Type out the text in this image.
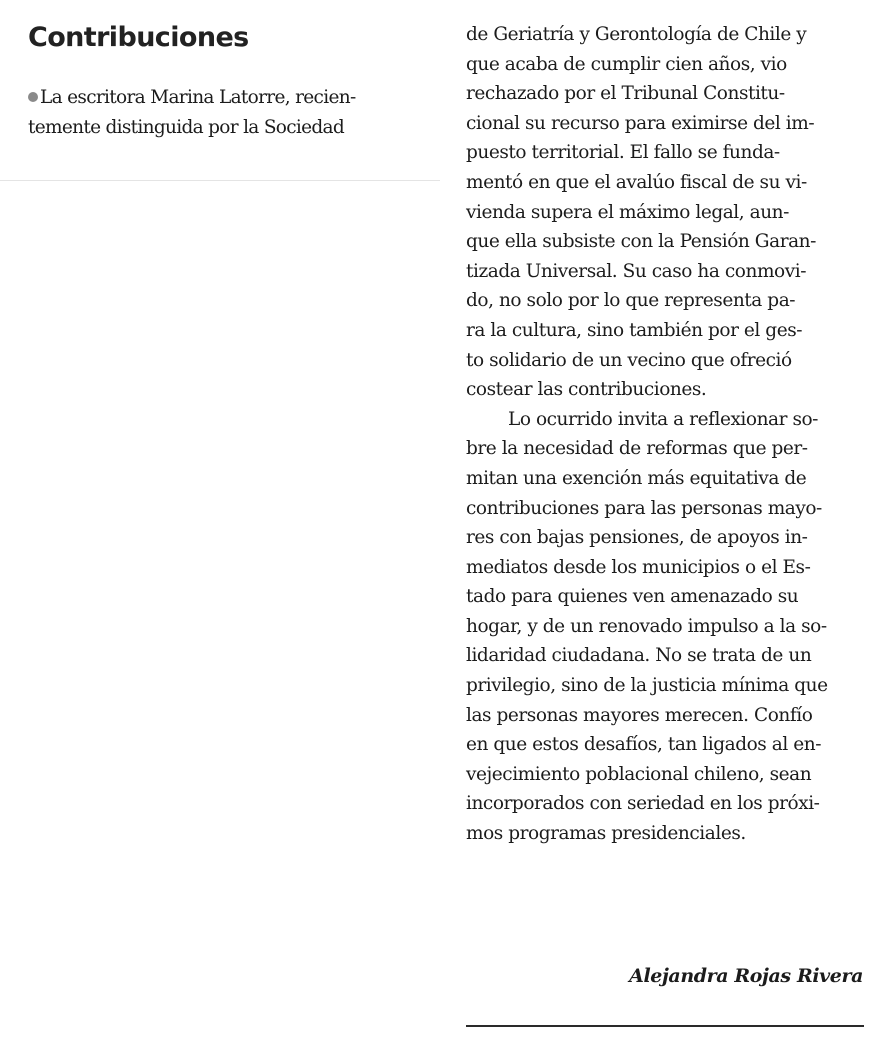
Contribuciones

La escritora Marina Latorre, recien-
temente distinguida por la Sociedad

de Geriatría y Gerontología de Chile y
que acaba de cumplir cien años, vio
rechazado por el Tribunal Constitu-
cional su recurso para eximirse del im-
puesto territorial. El fallo se funda-
mentó en que el avalúo fiscal de su vi-
vienda supera el máximo legal, aun-
que ella subsiste con la Pensión Garan-
tizada Universal. Su caso ha conmovi-
do, no solo por lo que representa pa-
ra la cultura, sino también por el ges-
to solidario de un vecino que ofreció
costear las contribuciones.
Lo ocurrido invita a reflexionar so-
bre la necesidad de reformas que per-
mitan una exención más equitativa de
contribuciones para las personas mayo-
res con bajas pensiones, de apoyos in-
mediatos desde los municipios o el Es-
tado para quienes ven amenazado su
hogar, y de un renovado impulso a la so-
lidaridad ciudadana. No se trata de un
privilegio, sino de la justicia mínima que
las personas mayores merecen. Confío
en que estos desafíos, tan ligados al en-
vejecimiento poblacional chileno, sean
incorporados con seriedad en los próxi-
mos programas presidenciales.
Alejandra Rojas Rivera
